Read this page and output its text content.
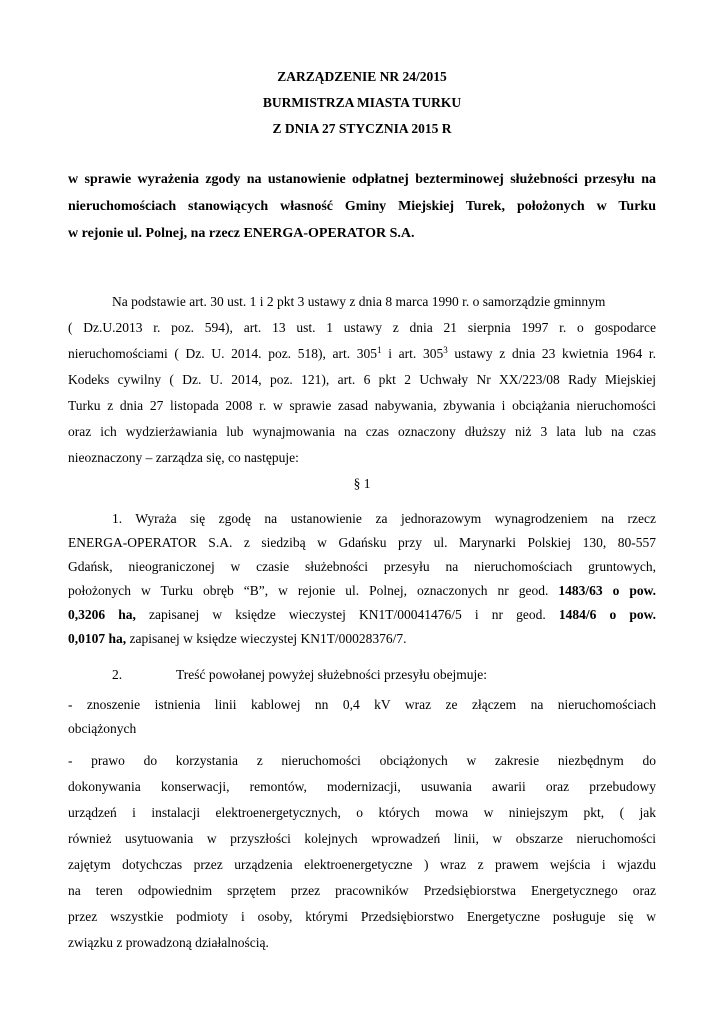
ZARZĄDZENIE NR 24/2015
BURMISTRZA MIASTA TURKU
Z DNIA 27 STYCZNIA 2015 R
w sprawie wyrażenia zgody na ustanowienie odpłatnej bezterminowej służebności przesyłu na
nieruchomościach stanowiących własność Gminy Miejskiej Turek, położonych w Turku
w rejonie ul. Polnej, na rzecz ENERGA-OPERATOR S.A.
Na podstawie art. 30 ust. 1 i 2 pkt 3 ustawy z dnia 8 marca 1990 r. o samorządzie gminnym
( Dz.U.2013 r. poz. 594), art. 13 ust. 1 ustawy z dnia 21 sierpnia 1997 r. o gospodarce
nieruchomościami ( Dz. U. 2014. poz. 518), art. $305^1$ i art. $305^3$ ustawy z dnia 23 kwietnia 1964 r.
Kodeks cywilny ( Dz. U. 2014, poz. 121), art. 6 pkt 2 Uchwały Nr XX/223/08 Rady Miejskiej
Turku z dnia 27 listopada 2008 r. w sprawie zasad nabywania, zbywania i obciążania nieruchomości
oraz ich wydzierżawiania lub wynajmowania na czas oznaczony dłuższy niż 3 lata lub na czas
nieoznaczony – zarządza się, co następuje:
§ 1
1. Wyraża się zgodę na ustanowienie za jednorazowym wynagrodzeniem na rzecz
ENERGA-OPERATOR S.A. z siedzibą w Gdańsku przy ul. Marynarki Polskiej 130, 80-557
Gdańsk, nieograniczonej w czasie służebności przesyłu na nieruchomościach gruntowych,
położonych w Turku obręb “B”, w rejonie ul. Polnej, oznaczonych nr geod. 1483/63 o pow.
0,3206 ha, zapisanej w księdze wieczystej KN1T/00041476/5 i nr geod. 1484/6 o pow.
0,0107 ha, zapisanej w księdze wieczystej KN1T/00028376/7.
2.	Treść powołanej powyżej służebności przesyłu obejmuje:
- znoszenie istnienia linii kablowej nn 0,4 kV wraz ze złączem na nieruchomościach
obciążonych
- prawo do korzystania z nieruchomości obciążonych w zakresie niezbędnym do
dokonywania konserwacji, remontów, modernizacji, usuwania awarii oraz przebudowy
urządzeń i instalacji elektroenergetycznych, o których mowa w niniejszym pkt, ( jak
również usytuowania w przyszłości kolejnych wprowadzeń linii, w obszarze nieruchomości
zajętym dotychczas przez urządzenia elektroenergetyczne ) wraz z prawem wejścia i wjazdu
na teren odpowiednim sprzętem przez pracowników Przedsiębiorstwa Energetycznego oraz
przez wszystkie podmioty i osoby, którymi Przedsiębiorstwo Energetyczne posługuje się w
związku z prowadzoną działalnością.
